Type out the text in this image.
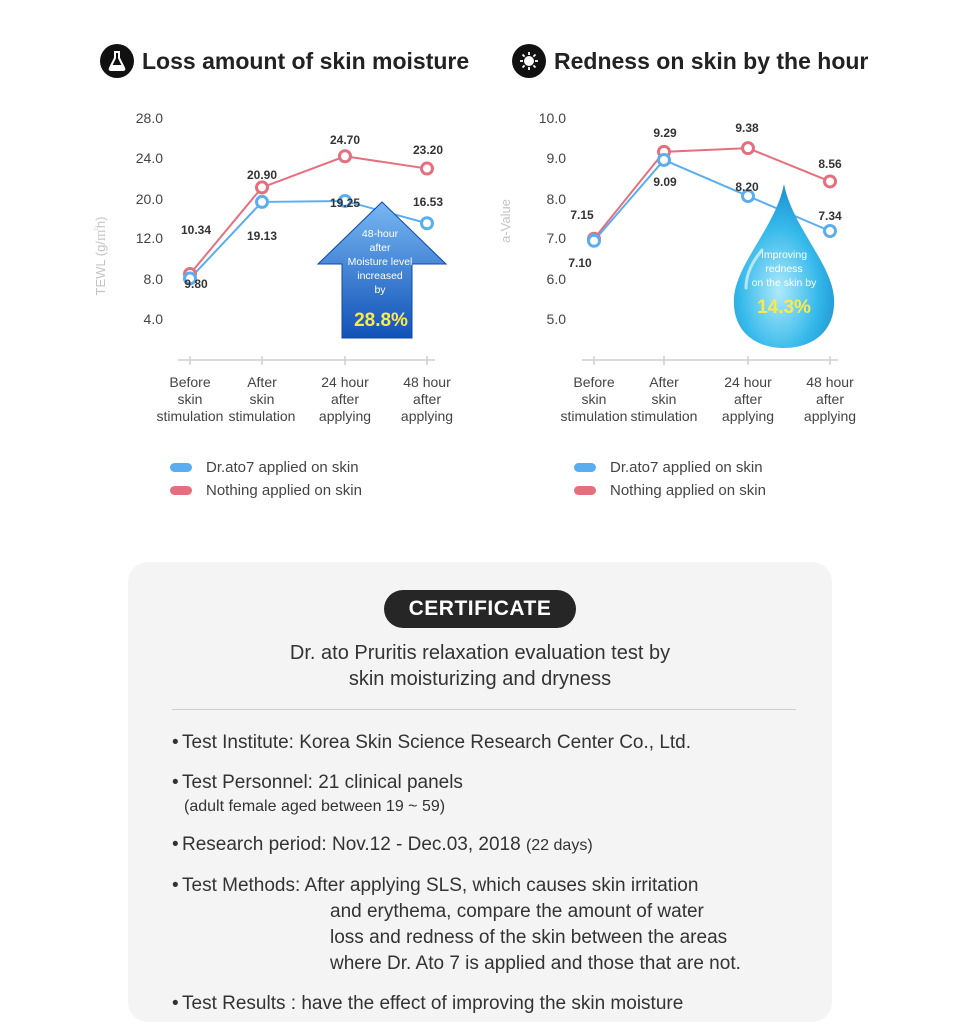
Loss amount of skin moisture
28.0
24.0
20.0
12.0
8.0
4.0
TEWL (g/㎡h)
Before
skin
stimulation
After
skin
stimulation
24 hour
after
applying
48 hour
after
applying
48-hour
after
Moisture level
increased
by
28.8%
9.80
19.13
19.25	16.53
10.34
20.90
24.70
23.20
Dr.ato7 applied on skin
Nothing applied on skin
Redness on skin by the hour
10.0
9.0
8.0
7.0
6.0
5.0
a-Value
Before
skin
stimulation
After
skin
stimulation
24 hour
after
applying
48 hour
after
applying
Improving
redness
on the skin by
14.3%
7.10
9.09	8.20
7.34
7.15
9.29	9.38
8.56
Dr.ato7 applied on skin
Nothing applied on skin
CERTIFICATE
Dr. ato Pruritis relaxation evaluation test by
skin moisturizing and dryness
• Test Institute: Korea Skin Science Research Center Co., Ltd.
• Test Personnel: 21 clinical panels
(adult female aged between 19 ~ 59)
• Research period: Nov.12 - Dec.03, 2018 (22 days)
• Test Methods: After applying SLS, which causes skin irritation
and erythema, compare the amount of water
loss and redness of the skin between the areas
where Dr. Ato 7 is applied and those that are not.
• Test Results : have the effect of improving the skin moisture
